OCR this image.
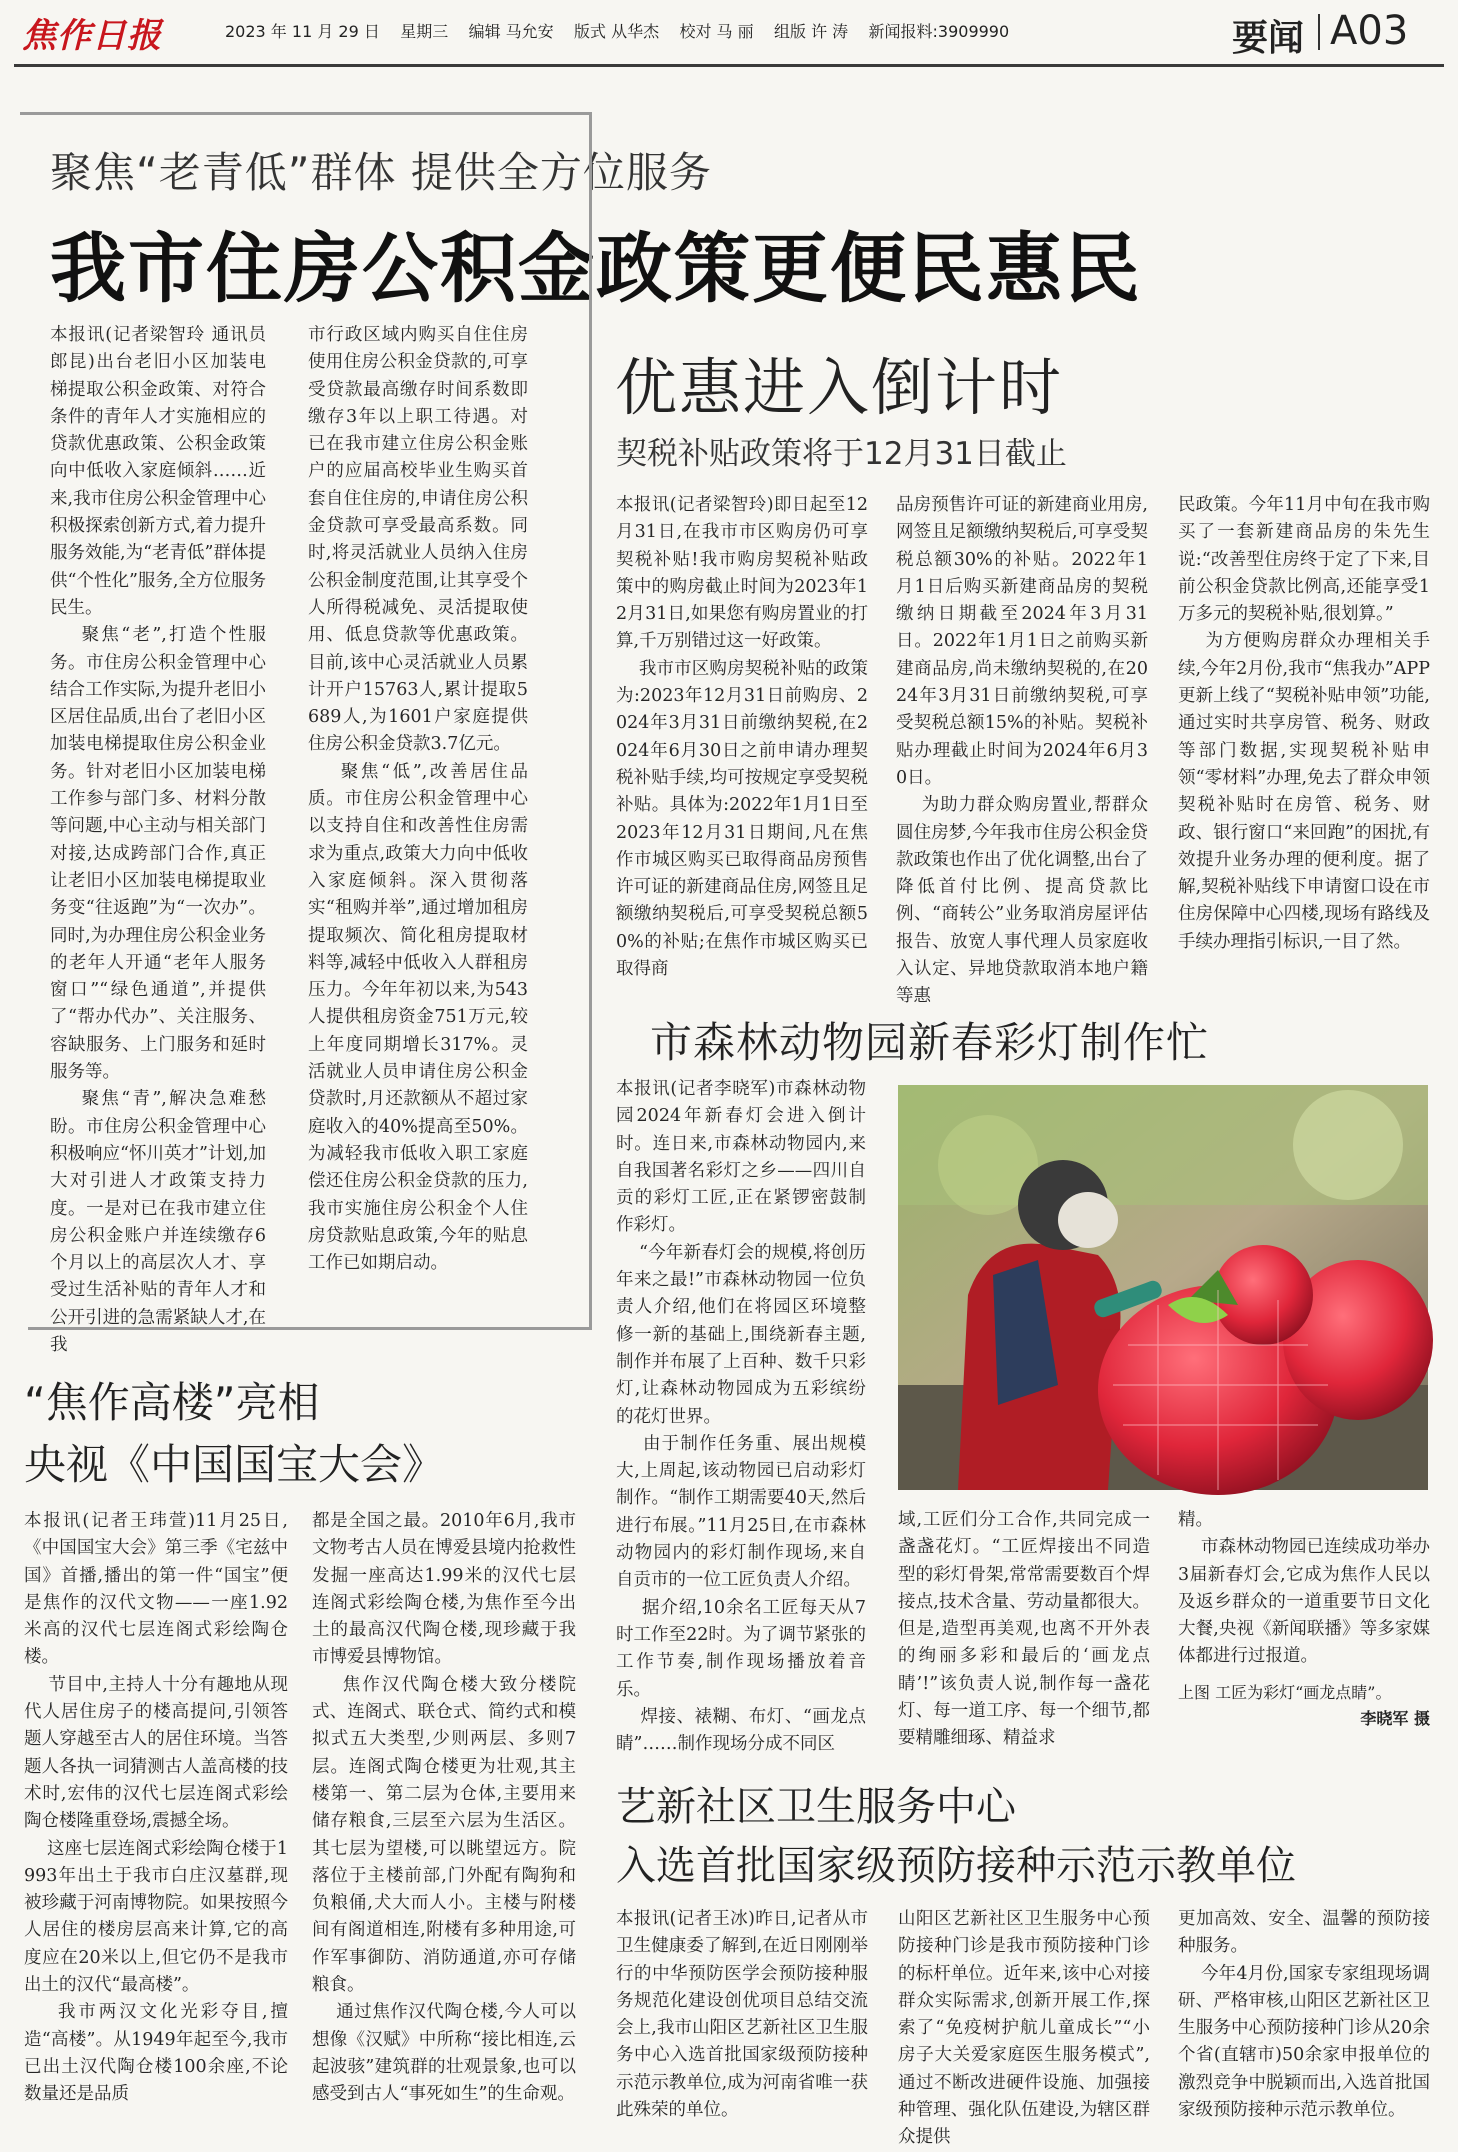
焦作日报	2023 年 11 月 29 日 星期三 编辑 马允安 版式 从华杰 校对 马 丽 组版 许 涛 新闻报料:3909990	要闻 A03
聚焦“老青低”群体 提供全方位服务
我市住房公积金政策更便民惠民
本报讯(记者梁智玲 通讯员郎昆)出台老旧小区加装电梯提取公积金政策、对符合条件的青年人才实施相应的贷款优惠政策、公积金政策向中低收入家庭倾斜……近来,我市住房公积金管理中心积极探索创新方式,着力提升服务效能,为“老青低”群体提供“个性化”服务,全方位服务民生。
聚焦“老”,打造个性服务。市住房公积金管理中心结合工作实际,为提升老旧小区居住品质,出台了老旧小区加装电梯提取住房公积金业务。针对老旧小区加装电梯工作参与部门多、材料分散等问题,中心主动与相关部门对接,达成跨部门合作,真正让老旧小区加装电梯提取业务变“往返跑”为“一次办”。同时,为办理住房公积金业务的老年人开通“老年人服务窗口”“绿色通道”,并提供了“帮办代办”、关注服务、容缺服务、上门服务和延时服务等。
聚焦“青”,解决急难愁盼。市住房公积金管理中心积极响应“怀川英才”计划,加大对引进人才政策支持力度。一是对已在我市建立住房公积金账户并连续缴存6个月以上的高层次人才、享受过生活补贴的青年人才和公开引进的急需紧缺人才,在我
市行政区域内购买自住住房使用住房公积金贷款的,可享受贷款最高缴存时间系数即缴存3年以上职工待遇。对已在我市建立住房公积金账户的应届高校毕业生购买首套自住住房的,申请住房公积金贷款可享受最高系数。同时,将灵活就业人员纳入住房公积金制度范围,让其享受个人所得税减免、灵活提取使用、低息贷款等优惠政策。目前,该中心灵活就业人员累计开户15763人,累计提取5689人,为1601户家庭提供住房公积金贷款3.7亿元。
聚焦“低”,改善居住品质。市住房公积金管理中心以支持自住和改善性住房需求为重点,政策大力向中低收入家庭倾斜。深入贯彻落实“租购并举”,通过增加租房提取频次、简化租房提取材料等,减轻中低收入人群租房压力。今年年初以来,为543人提供租房资金751万元,较上年度同期增长317%。灵活就业人员申请住房公积金贷款时,月还款额从不超过家庭收入的40%提高至50%。为减轻我市低收入职工家庭偿还住房公积金贷款的压力,我市实施住房公积金个人住房贷款贴息政策,今年的贴息工作已如期启动。
优惠进入倒计时
契税补贴政策将于12月31日截止
本报讯(记者梁智玲)即日起至12月31日,在我市市区购房仍可享契税补贴!我市购房契税补贴政策中的购房截止时间为2023年12月31日,如果您有购房置业的打算,千万别错过这一好政策。
我市市区购房契税补贴的政策为:2023年12月31日前购房、2024年3月31日前缴纳契税,在2024年6月30日之前申请办理契税补贴手续,均可按规定享受契税补贴。具体为:2022年1月1日至2023年12月31日期间,凡在焦作市城区购买已取得商品房预售许可证的新建商品住房,网签且足额缴纳契税后,可享受契税总额50%的补贴;在焦作市城区购买已取得商
品房预售许可证的新建商业用房,网签且足额缴纳契税后,可享受契税总额30%的补贴。2022年1月1日后购买新建商品房的契税缴纳日期截至2024年3月31日。2022年1月1日之前购买新建商品房,尚未缴纳契税的,在2024年3月31日前缴纳契税,可享受契税总额15%的补贴。契税补贴办理截止时间为2024年6月30日。
为助力群众购房置业,帮群众圆住房梦,今年我市住房公积金贷款政策也作出了优化调整,出台了降低首付比例、提高贷款比例、“商转公”业务取消房屋评估报告、放宽人事代理人员家庭收入认定、异地贷款取消本地户籍等惠
民政策。今年11月中旬在我市购买了一套新建商品房的朱先生说:“改善型住房终于定了下来,目前公积金贷款比例高,还能享受1万多元的契税补贴,很划算。”
为方便购房群众办理相关手续,今年2月份,我市“焦我办”APP更新上线了“契税补贴申领”功能,通过实时共享房管、税务、财政等部门数据,实现契税补贴申领“零材料”办理,免去了群众申领契税补贴时在房管、税务、财政、银行窗口“来回跑”的困扰,有效提升业务办理的便利度。据了解,契税补贴线下申请窗口设在市住房保障中心四楼,现场有路线及手续办理指引标识,一目了然。
市森林动物园新春彩灯制作忙
本报讯(记者李晓军)市森林动物园2024年新春灯会进入倒计时。连日来,市森林动物园内,来自我国著名彩灯之乡——四川自贡的彩灯工匠,正在紧锣密鼓制作彩灯。
“今年新春灯会的规模,将创历年来之最!”市森林动物园一位负责人介绍,他们在将园区环境整修一新的基础上,围绕新春主题,制作并布展了上百种、数千只彩灯,让森林动物园成为五彩缤纷的花灯世界。
由于制作任务重、展出规模大,上周起,该动物园已启动彩灯制作。“制作工期需要40天,然后进行布展。”11月25日,在市森林动物园内的彩灯制作现场,来自自贡市的一位工匠负责人介绍。
据介绍,10余名工匠每天从7时工作至22时。为了调节紧张的工作节奏,制作现场播放着音乐。
焊接、裱糊、布灯、“画龙点睛”……制作现场分成不同区
域,工匠们分工合作,共同完成一盏盏花灯。“工匠焊接出不同造型的彩灯骨架,常常需要数百个焊接点,技术含量、劳动量都很大。但是,造型再美观,也离不开外表的绚丽多彩和最后的‘画龙点睛’!”该负责人说,制作每一盏花灯、每一道工序、每一个细节,都要精雕细琢、精益求
精。
市森林动物园已连续成功举办3届新春灯会,它成为焦作人民以及返乡群众的一道重要节日文化大餐,央视《新闻联播》等多家媒体都进行过报道。
上图 工匠为彩灯“画龙点睛”。
李晓军 摄
“焦作高楼”亮相
央视《中国国宝大会》
本报讯(记者王玮萱)11月25日,《中国国宝大会》第三季《宅兹中国》首播,播出的第一件“国宝”便是焦作的汉代文物——一座1.92米高的汉代七层连阁式彩绘陶仓楼。
节目中,主持人十分有趣地从现代人居住房子的楼高提问,引领答题人穿越至古人的居住环境。当答题人各执一词猜测古人盖高楼的技术时,宏伟的汉代七层连阁式彩绘陶仓楼隆重登场,震撼全场。
这座七层连阁式彩绘陶仓楼于1993年出土于我市白庄汉墓群,现被珍藏于河南博物院。如果按照今人居住的楼房层高来计算,它的高度应在20米以上,但它仍不是我市出土的汉代“最高楼”。
我市两汉文化光彩夺目,擅造“高楼”。从1949年起至今,我市已出土汉代陶仓楼100余座,不论数量还是品质
都是全国之最。2010年6月,我市文物考古人员在博爱县境内抢救性发掘一座高达1.99米的汉代七层连阁式彩绘陶仓楼,为焦作至今出土的最高汉代陶仓楼,现珍藏于我市博爱县博物馆。
焦作汉代陶仓楼大致分楼院式、连阁式、联仓式、简约式和模拟式五大类型,少则两层、多则7层。连阁式陶仓楼更为壮观,其主楼第一、第二层为仓体,主要用来储存粮食,三层至六层为生活区。其七层为望楼,可以眺望远方。院落位于主楼前部,门外配有陶狗和负粮俑,犬大而人小。主楼与附楼间有阁道相连,附楼有多种用途,可作军事御防、消防通道,亦可存储粮食。
通过焦作汉代陶仓楼,今人可以想像《汉赋》中所称“接比相连,云起波骇”建筑群的壮观景象,也可以感受到古人“事死如生”的生命观。
艺新社区卫生服务中心
入选首批国家级预防接种示范示教单位
本报讯(记者王冰)昨日,记者从市卫生健康委了解到,在近日刚刚举行的中华预防医学会预防接种服务规范化建设创优项目总结交流会上,我市山阳区艺新社区卫生服务中心入选首批国家级预防接种示范示教单位,成为河南省唯一获此殊荣的单位。
山阳区艺新社区卫生服务中心预防接种门诊是我市预防接种门诊的标杆单位。近年来,该中心对接群众实际需求,创新开展工作,探索了“免疫树护航儿童成长”“小房子大关爱家庭医生服务模式”,通过不断改进硬件设施、加强接种管理、强化队伍建设,为辖区群众提供
更加高效、安全、温馨的预防接种服务。
今年4月份,国家专家组现场调研、严格审核,山阳区艺新社区卫生服务中心预防接种门诊从20余个省(直辖市)50余家申报单位的激烈竞争中脱颖而出,入选首批国家级预防接种示范示教单位。
